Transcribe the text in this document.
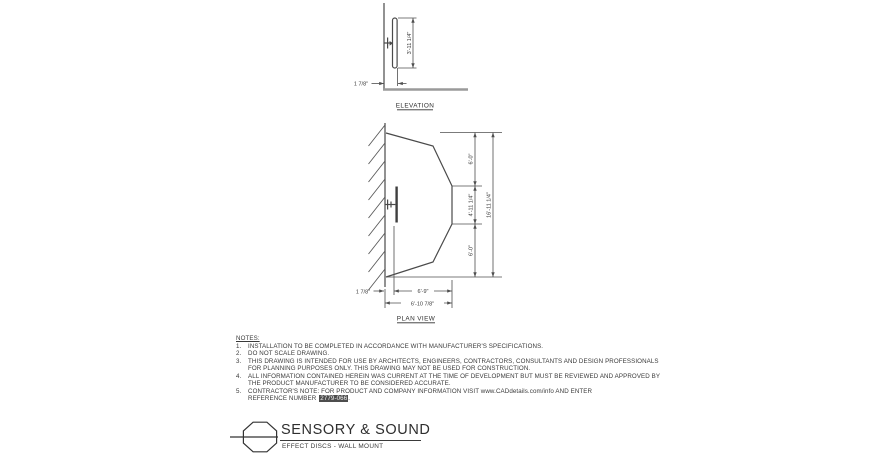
3'-11 1/4"
1 7/8"
ELEVATION
6'-0"
4'-11 1/4"
6'-0"
16'-11 1/4"
6'-9"
6'-10 7/8"
1 7/8"
PLAN VIEW
NOTES:
1.	INSTALLATION TO BE COMPLETED IN ACCORDANCE WITH MANUFACTURER'S SPECIFICATIONS.
2.	DO NOT SCALE DRAWING.
3.	THIS DRAWING IS INTENDED FOR USE BY ARCHITECTS, ENGINEERS, CONTRACTORS, CONSULTANTS AND DESIGN PROFESSIONALS
FOR PLANNING PURPOSES ONLY. THIS DRAWING MAY NOT BE USED FOR CONSTRUCTION.
4.	ALL INFORMATION CONTAINED HEREIN WAS CURRENT AT THE TIME OF DEVELOPMENT BUT MUST BE REVIEWED AND APPROVED BY
THE PRODUCT MANUFACTURER TO BE CONSIDERED ACCURATE.
5.	CONTRACTOR'S NOTE: FOR PRODUCT AND COMPANY INFORMATION VISIT www.CADdetails.com/info AND ENTER
REFERENCE NUMBER 2779-066.
SENSORY & SOUND
EFFECT DISCS - WALL MOUNT
